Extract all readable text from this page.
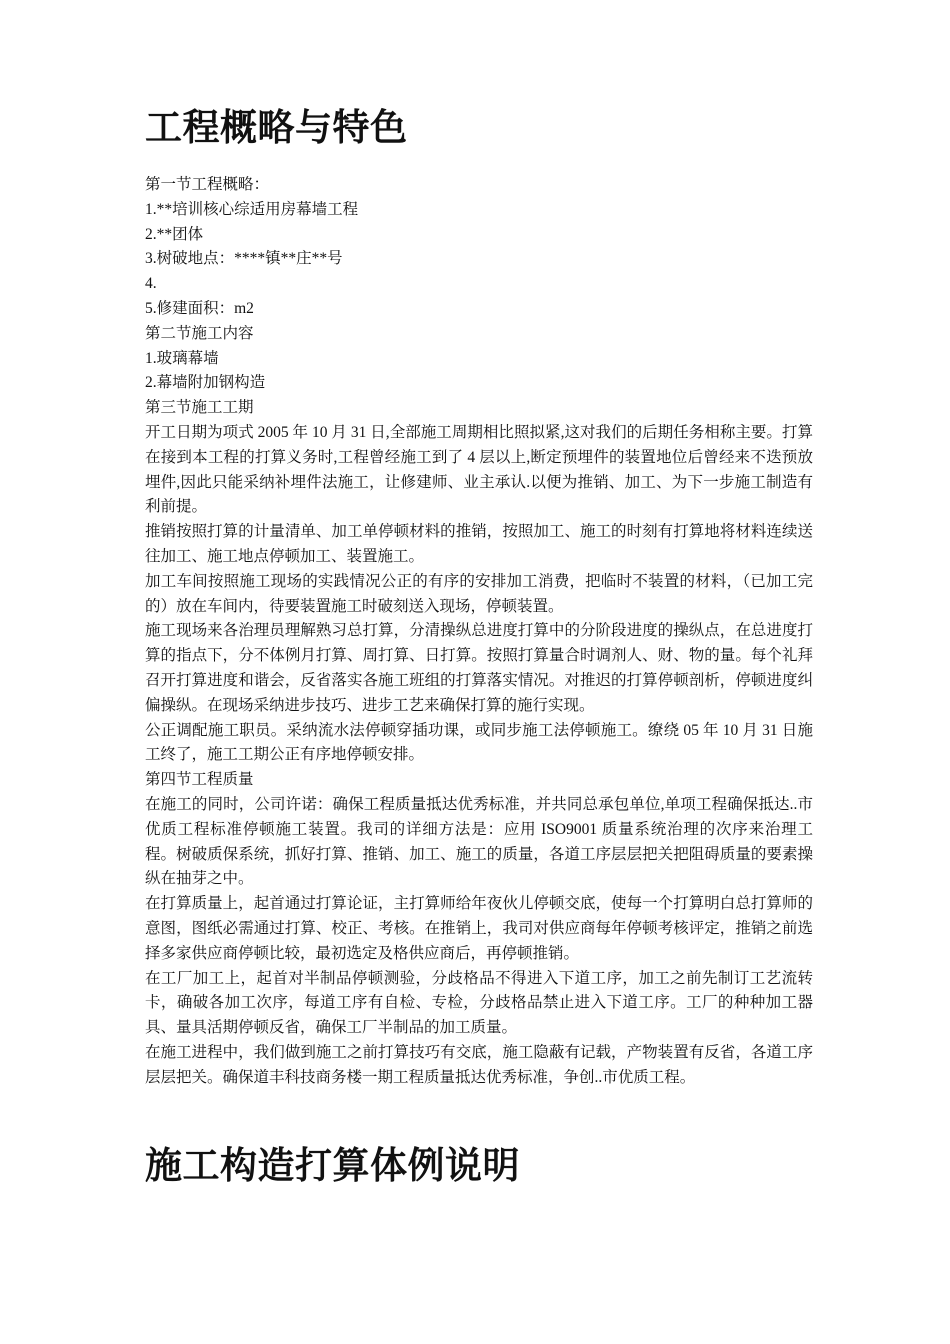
工程概略与特色

第一节工程概略：

1.**培训核心综适用房幕墙工程

2.**团体

3.树破地点：****镇**庄**号

4.

5.修建面积：m2

第二节施工内容

1.玻璃幕墙

2.幕墙附加钢构造

第三节施工工期

开工日期为项式 2005 年 10 月 31 日,全部施工周期相比照拟紧,这对我们的后期任务相称主要。打算在接到本工程的打算义务时,工程曾经施工到了 4 层以上,断定预埋件的装置地位后曾经来不迭预放埋件,因此只能采纳补埋件法施工，让修建师、业主承认.以便为推销、加工、为下一步施工制造有利前提。

推销按照打算的计量清单、加工单停顿材料的推销，按照加工、施工的时刻有打算地将材料连续送往加工、施工地点停顿加工、装置施工。

加工车间按照施工现场的实践情况公正的有序的安排加工消费，把临时不装置的材料，（已加工完的）放在车间内，待要装置施工时破刻送入现场，停顿装置。

施工现场来各治理员理解熟习总打算，分清操纵总进度打算中的分阶段进度的操纵点，在总进度打算的指点下，分不体例月打算、周打算、日打算。按照打算量合时调剂人、财、物的量。每个礼拜召开打算进度和谐会，反省落实各施工班组的打算落实情况。对推迟的打算停顿剖析，停顿进度纠偏操纵。在现场采纳进步技巧、进步工艺来确保打算的施行实现。

公正调配施工职员。采纳流水法停顿穿插功课，或同步施工法停顿施工。缭绕 05 年 10 月 31 日施工终了，施工工期公正有序地停顿安排。

第四节工程质量

在施工的同时，公司许诺：确保工程质量抵达优秀标准，并共同总承包单位,单项工程确保抵达..市优质工程标准停顿施工装置。我司的详细方法是：应用 ISO9001 质量系统治理的次序来治理工程。树破质保系统，抓好打算、推销、加工、施工的质量，各道工序层层把关把阻碍质量的要素操纵在抽芽之中。

在打算质量上，起首通过打算论证，主打算师给年夜伙儿停顿交底，使每一个打算明白总打算师的意图，图纸必需通过打算、校正、考核。在推销上，我司对供应商每年停顿考核评定，推销之前选择多家供应商停顿比较，最初选定及格供应商后，再停顿推销。

在工厂加工上，起首对半制品停顿测验，分歧格品不得进入下道工序，加工之前先制订工艺流转卡，确破各加工次序，每道工序有自检、专检，分歧格品禁止进入下道工序。工厂的种种加工器具、量具活期停顿反省，确保工厂半制品的加工质量。

在施工进程中，我们做到施工之前打算技巧有交底，施工隐蔽有记载，产物装置有反省，各道工序层层把关。确保道丰科技商务楼一期工程质量抵达优秀标准，争创..市优质工程。

施工构造打算体例说明
